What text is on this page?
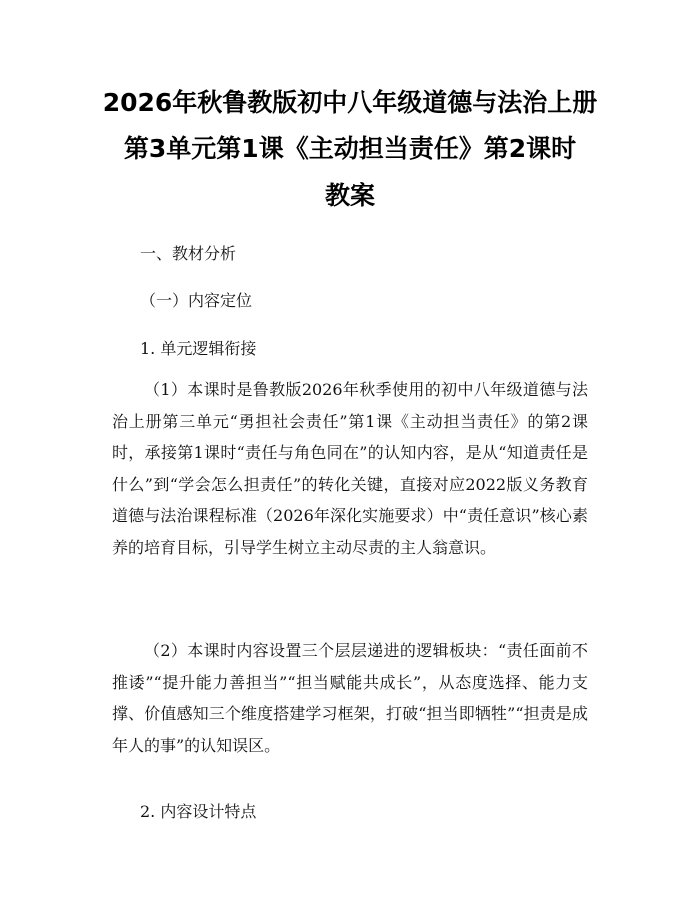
2026年秋鲁教版初中八年级道德与法治上册
第3单元第1课《主动担当责任》第2课时
教案
一、教材分析
（一）内容定位
1. 单元逻辑衔接
（1）本课时是鲁教版2026年秋季使用的初中八年级道德与法治上册第三单元“勇担社会责任”第1课《主动担当责任》的第2课时，承接第1课时“责任与角色同在”的认知内容，是从“知道责任是什么”到“学会怎么担责任”的转化关键，直接对应2022版义务教育道德与法治课程标准（2026年深化实施要求）中“责任意识”核心素养的培育目标，引导学生树立主动尽责的主人翁意识。
（2）本课时内容设置三个层层递进的逻辑板块：“责任面前不推诿”“提升能力善担当”“担当赋能共成长”，从态度选择、能力支撑、价值感知三个维度搭建学习框架，打破“担当即牺牲”“担责是成年人的事”的认知误区。
2. 内容设计特点
